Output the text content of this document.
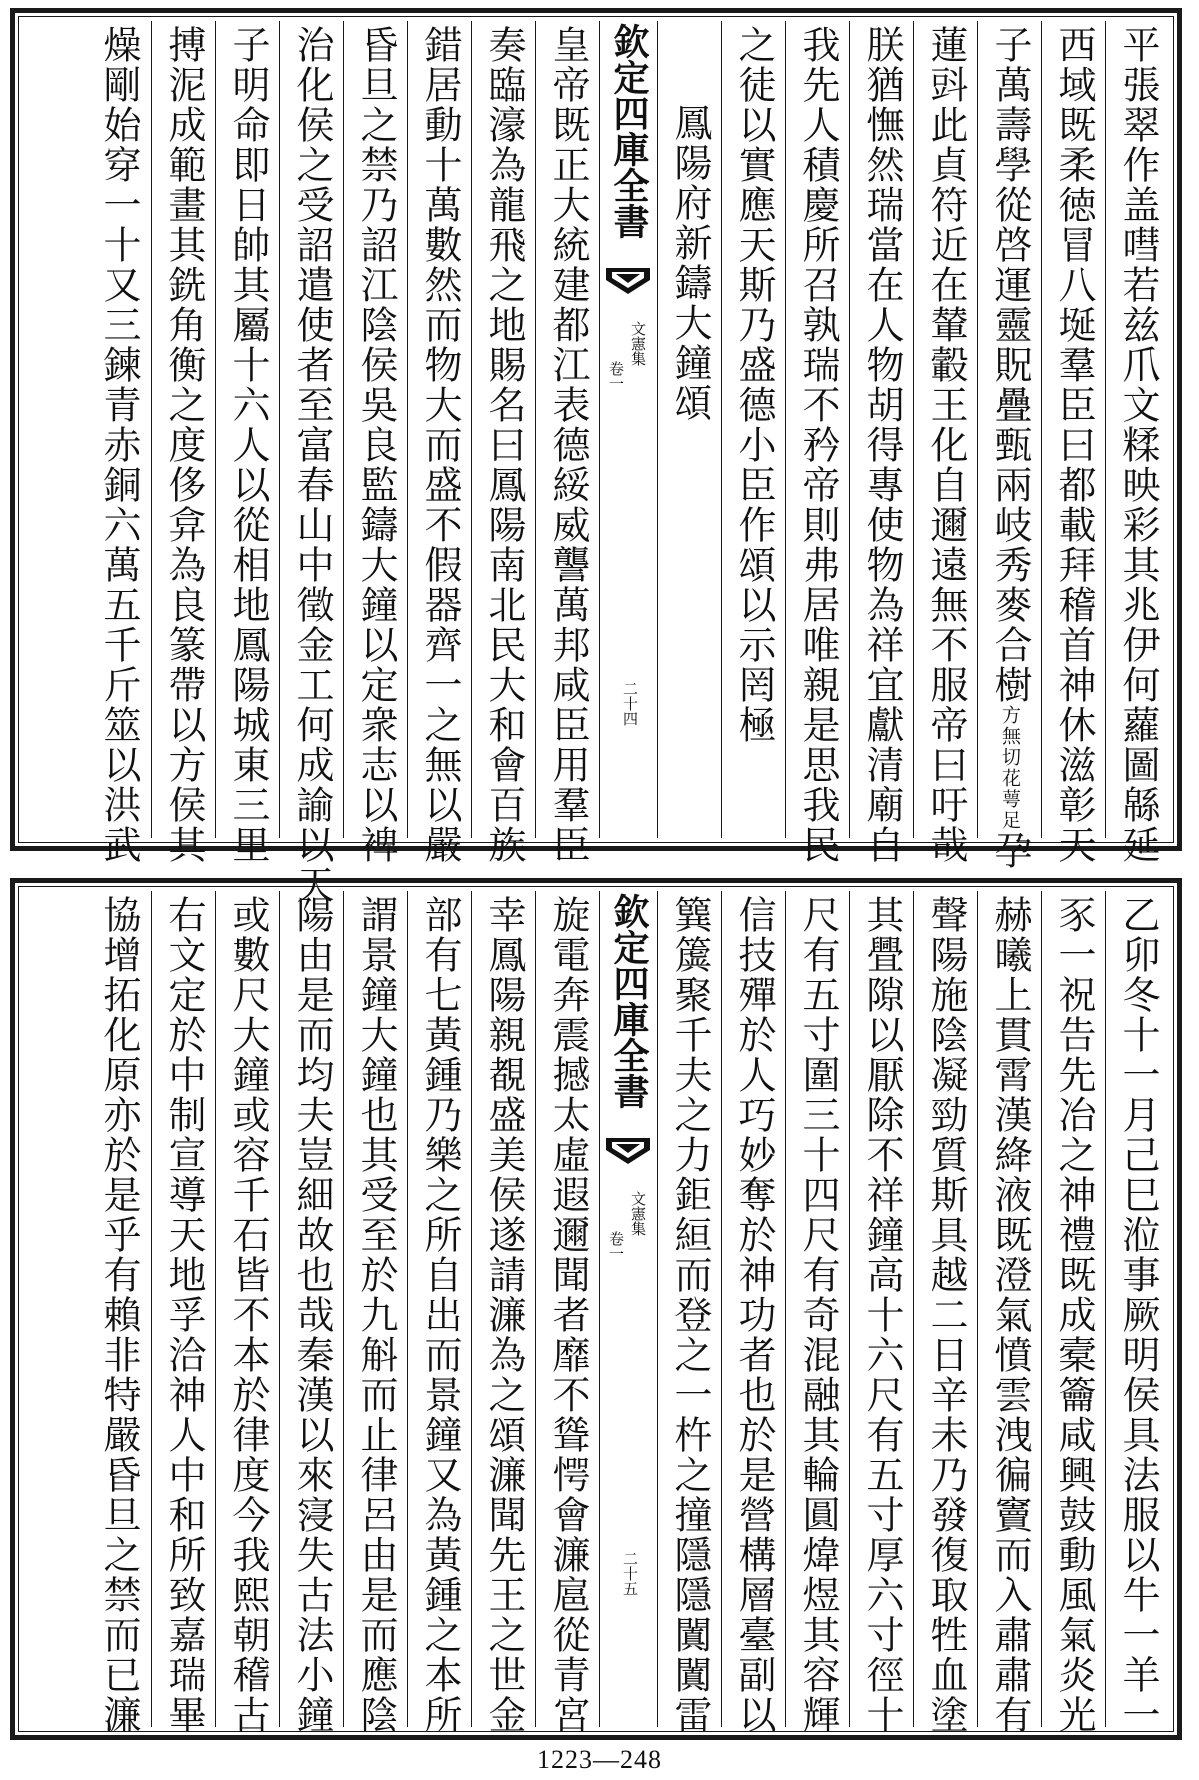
平張翠作盖嘒若兹爪文糅映彩其兆伊何蘿圖緜延
西域既柔徳冒八埏羣臣曰都載拜稽首神休滋彰天
子萬壽學從啓運靈貺疊甄兩岐秀麥合樹方無切花萼足孕
蓮㪷此貞符近在輦轂王化自邇遠無不服帝曰吁哉
朕猶憮然瑞當在人物胡得專使物為祥宜獻清廟自
我先人積慶所召孰瑞不矜帝則弗居唯親是思我民
之徒以實應天斯乃盛德小臣作頌以示罔極
鳳陽府新鑄大鐘頌
欽定四庫全書
文憲集
卷一
二十四
皇帝既正大統建都江表德綏威讋萬邦咸臣用羣臣
奏臨濠為龍飛之地賜名曰鳳陽南北民大和會百族
錯居動十萬數然而物大而盛不假器齊一之無以嚴
昏旦之禁乃詔江陰侯吳良監鑄大鐘以定衆志以裨
治化侯之受詔遣使者至富春山中徵金工何成諭以天
子明命即日帥其屬十六人以從相地鳳陽城東三里
搏泥成範畫其銑角衡之度侈弇為良篆帶以方侯其
燥剛始穿一十又三鍊青赤銅六萬五千斤筮以洪武
乙卯冬十一月己巳涖事厥明侯具法服以牛一羊一
豕一祝告先冶之神禮既成槖籥咸興鼓動風氣炎光
赫曦上貫霄漢絳液既澄氣憤雲洩徧竇而入肅肅有
聲陽施陰凝勁質斯具越二日辛未乃發復取牲血塗
其舋隙以厭除不祥鐘高十六尺有五寸厚六寸徑十
尺有五寸圍三十四尺有奇混融其輪圓煒煜其容輝
信技殫於人巧妙奪於神功者也於是營構層臺副以
簨簴聚千夫之力鉅絙而登之一杵之撞隱隱闐闐雷
欽定四庫全書
文憲集
卷一
二十五
旋電奔震撼太虛遐邇聞者靡不聳愕會濂扈從青宮
幸鳳陽親覩盛美侯遂請濂為之頌濂聞先王之世金
部有七黃鍾乃樂之所自出而景鐘又為黃鍾之本所
謂景鐘大鐘也其受至於九斛而止律呂由是而應陰
陽由是而均夫豈細故也哉秦漢以來寖失古法小鐘
或數尺大鐘或容千石皆不本於律度今我熙朝稽古
右文定於中制宣導天地孚洽神人中和所致嘉瑞畢
協增拓化原亦於是乎有賴非特嚴昏旦之禁而已濂
1223—248
